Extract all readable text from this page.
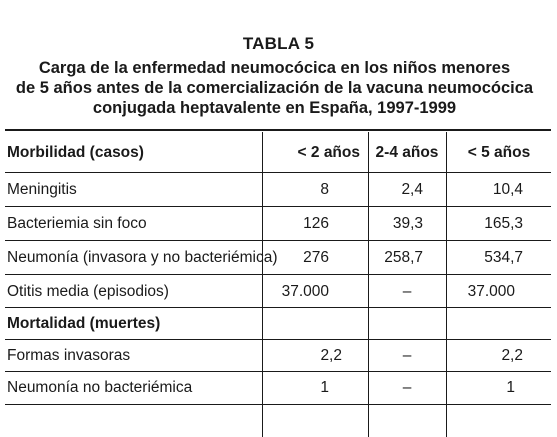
TABLA 5
Carga de la enfermedad neumocócica en los niños menores
de 5 años antes de la comercialización de la vacuna neumocócica
conjugada heptavalente en España, 1997-1999
Morbilidad (casos)	< 2 años	2-4 años	< 5 años
Meningitis	8	2,4	10,4
Bacteriemia sin foco	126	39,3	165,3
Neumonía (invasora y no bacteriémica)	276	258,7	534,7
Otitis media (episodios)	37.000	–	37.000
Mortalidad (muertes)
Formas invasoras	2,2	–	2,2
Neumonía no bacteriémica	1	–	1
